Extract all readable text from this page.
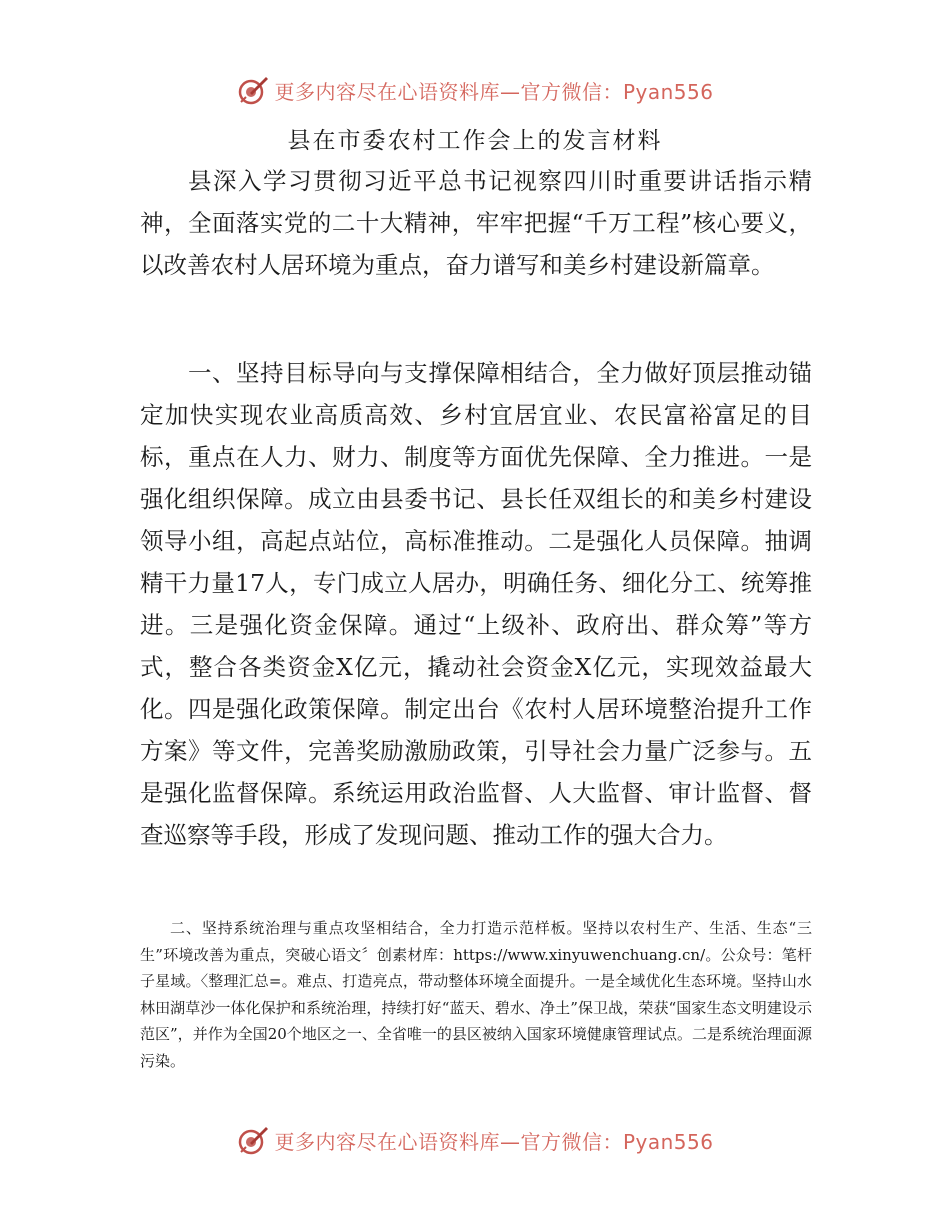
更多内容尽在心语资料库—官方微信：Pyan556
县在市委农村工作会上的发言材料

县深入学习贯彻习近平总书记视察四川时重要讲话指示精神，全面落实党的二十大精神，牢牢把握“千万工程”核心要义，以改善农村人居环境为重点，奋力谱写和美乡村建设新篇章。

一、坚持目标导向与支撑保障相结合，全力做好顶层推动锚定加快实现农业高质高效、乡村宜居宜业、农民富裕富足的目标，重点在人力、财力、制度等方面优先保障、全力推进。一是强化组织保障。成立由县委书记、县长任双组长的和美乡村建设领导小组，高起点站位，高标准推动。二是强化人员保障。抽调精干力量17人，专门成立人居办，明确任务、细化分工、统筹推进。三是强化资金保障。通过“上级补、政府出、群众筹”等方式，整合各类资金X亿元，撬动社会资金X亿元，实现效益最大化。四是强化政策保障。制定出台《农村人居环境整治提升工作方案》等文件，完善奖励激励政策，引导社会力量广泛参与。五是强化监督保障。系统运用政治监督、人大监督、审计监督、督查巡察等手段，形成了发现问题、推动工作的强大合力。

二、坚持系统治理与重点攻坚相结合，全力打造示范样板。坚持以农村生产、生活、生态“三生”环境改善为重点，突破心语文〞创素材库：https://www.xinyuwenchuang.cn/。公众号：笔杆子星域。〈整理汇总=。难点、打造亮点，带动整体环境全面提升。一是全域优化生态环境。坚持山水林田湖草沙一体化保护和系统治理，持续打好“蓝天、碧水、净土”保卫战，荣获“国家生态文明建设示范区”，并作为全国20个地区之一、全省唯一的县区被纳入国家环境健康管理试点。二是系统治理面源污染。

更多内容尽在心语资料库—官方微信：Pyan556
